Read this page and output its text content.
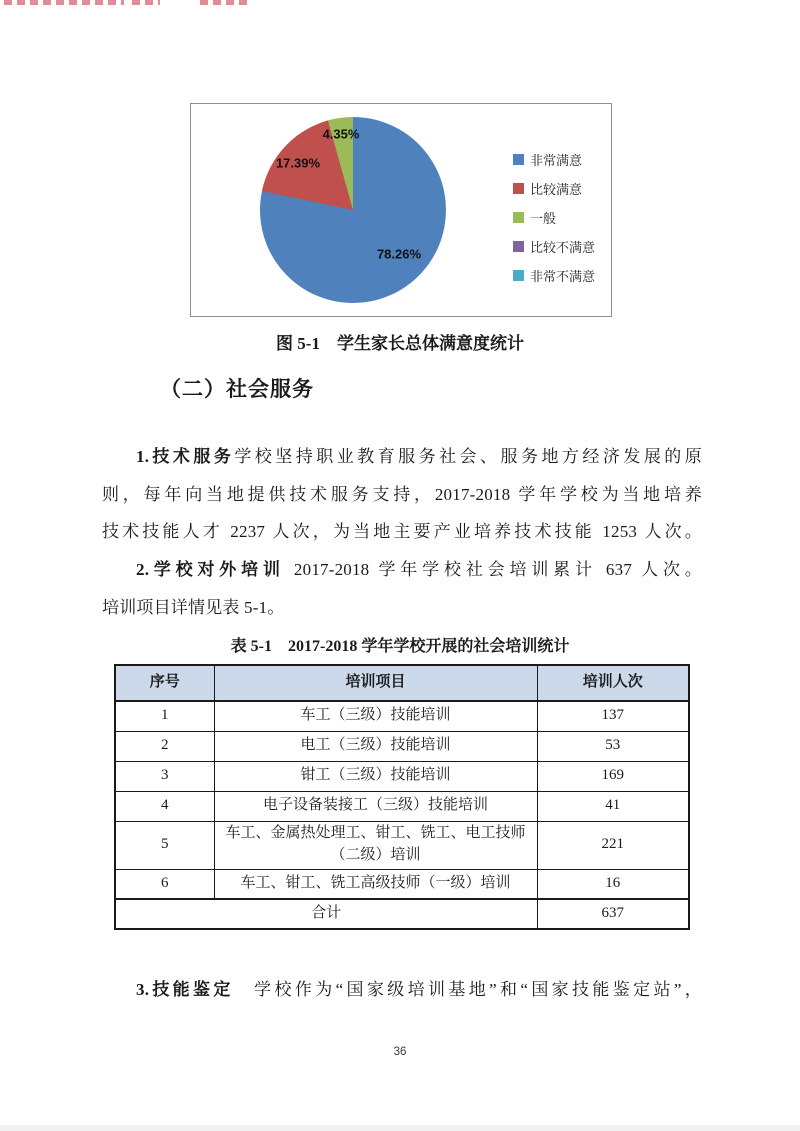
78.26%
17.39%
4.35%
非常满意
比较满意
一般
比较不满意
非常不满意
图 5-1　学生家长总体满意度统计
（二）社会服务
1.技术服务学校坚持职业教育服务社会、服务地方经济发展的原
则，每年向当地提供技术服务支持，2017-2018 学年学校为当地培养
技术技能人才 2237 人次，为当地主要产业培养技术技能 1253 人次。
2.学校对外培训 2017-2018 学年学校社会培训累计 637 人次。
培训项目详情见表 5-1。
表 5-1　2017-2018 学年学校开展的社会培训统计
序号	培训项目	培训人次
1	车工（三级）技能培训	137
2	电工（三级）技能培训	53
3	钳工（三级）技能培训	169
4	电子设备装接工（三级）技能培训	41
5	车工、金属热处理工、钳工、铣工、电工技师（二级）培训	221
6	车工、钳工、铣工高级技师（一级）培训	16
合计		637
3.技能鉴定　学校作为“国家级培训基地”和“国家技能鉴定站”，
36
